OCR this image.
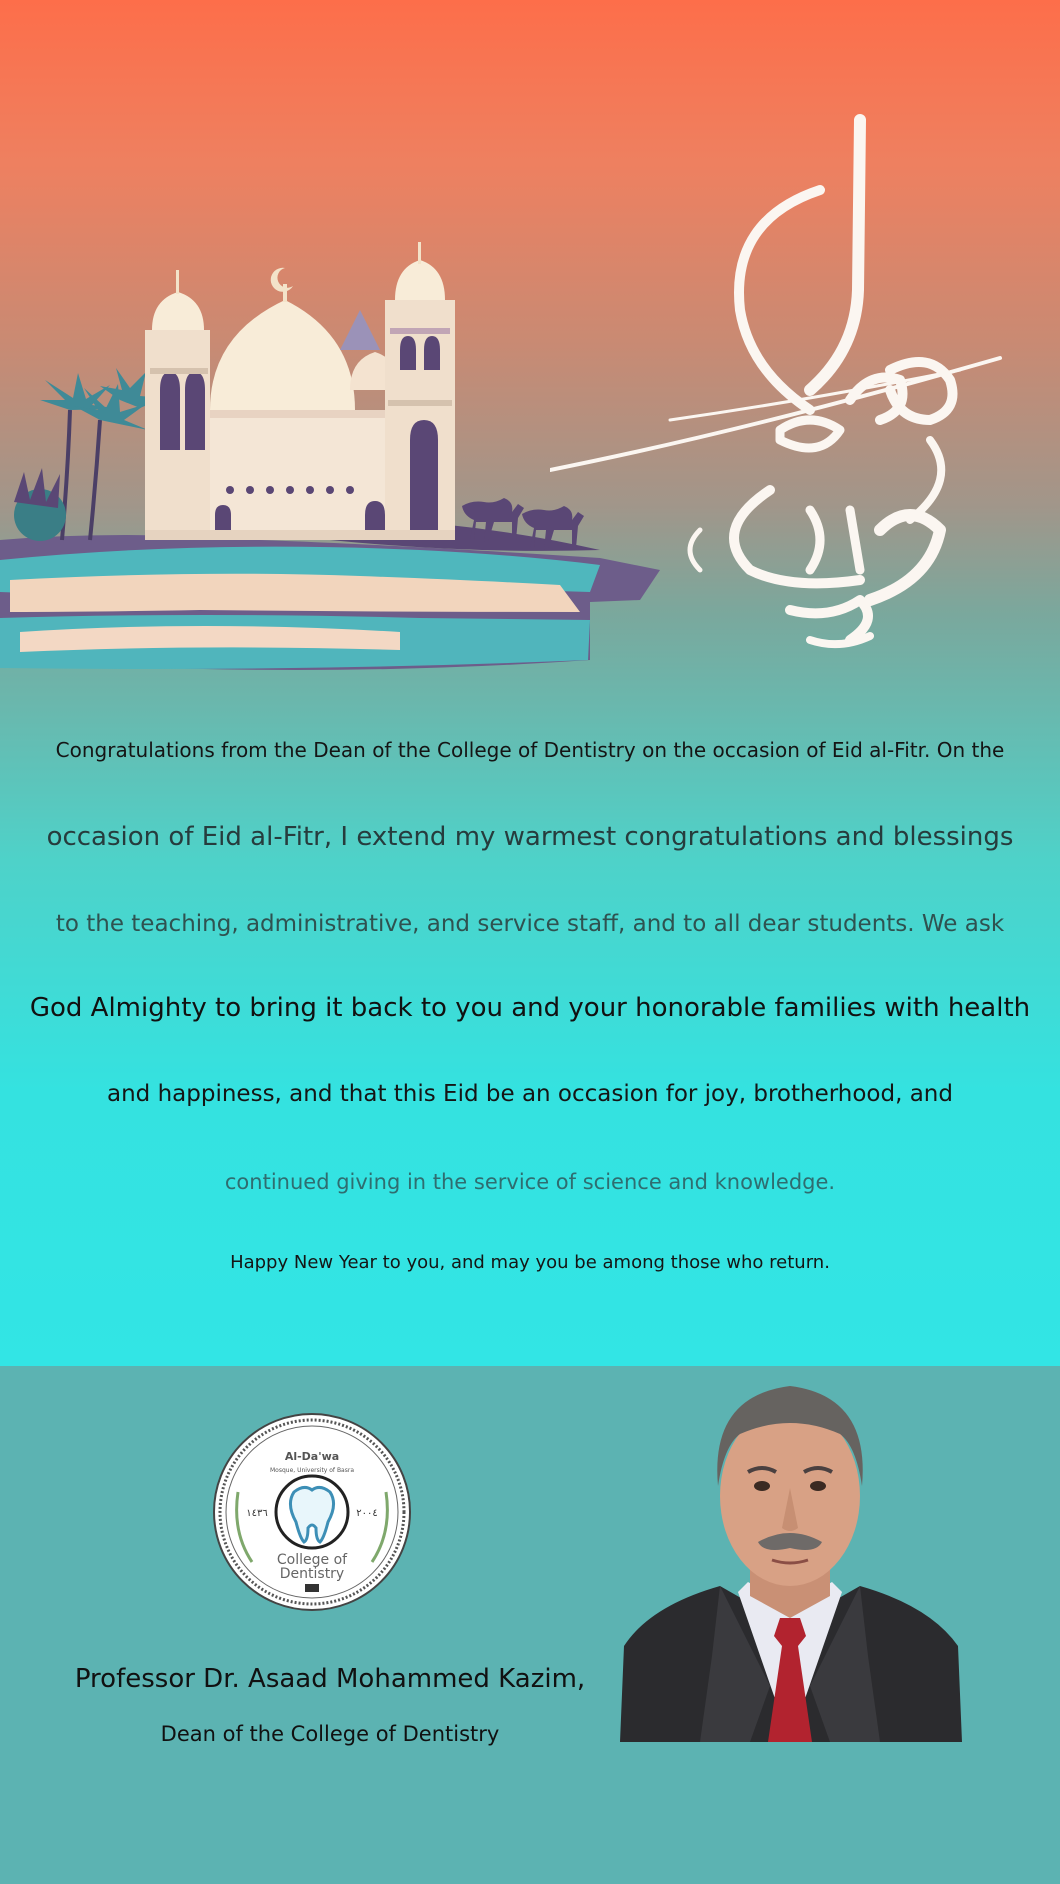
Congratulations from the Dean of the College of Dentistry on the occasion of Eid al-Fitr. On the

occasion of Eid al-Fitr, I extend my warmest congratulations and blessings

to the teaching, administrative, and service staff, and to all dear students. We ask

God Almighty to bring it back to you and your honorable families with health

and happiness, and that this Eid be an occasion for joy, brotherhood, and

continued giving in the service of science and knowledge.

Happy New Year to you, and may you be among those who return.

Al-Da'wa
Mosque, University of Basra
١٤٣٦	٢٠٠٤
College of
Dentistry
Professor Dr. Asaad Mohammed Kazim,
Dean of the College of Dentistry
